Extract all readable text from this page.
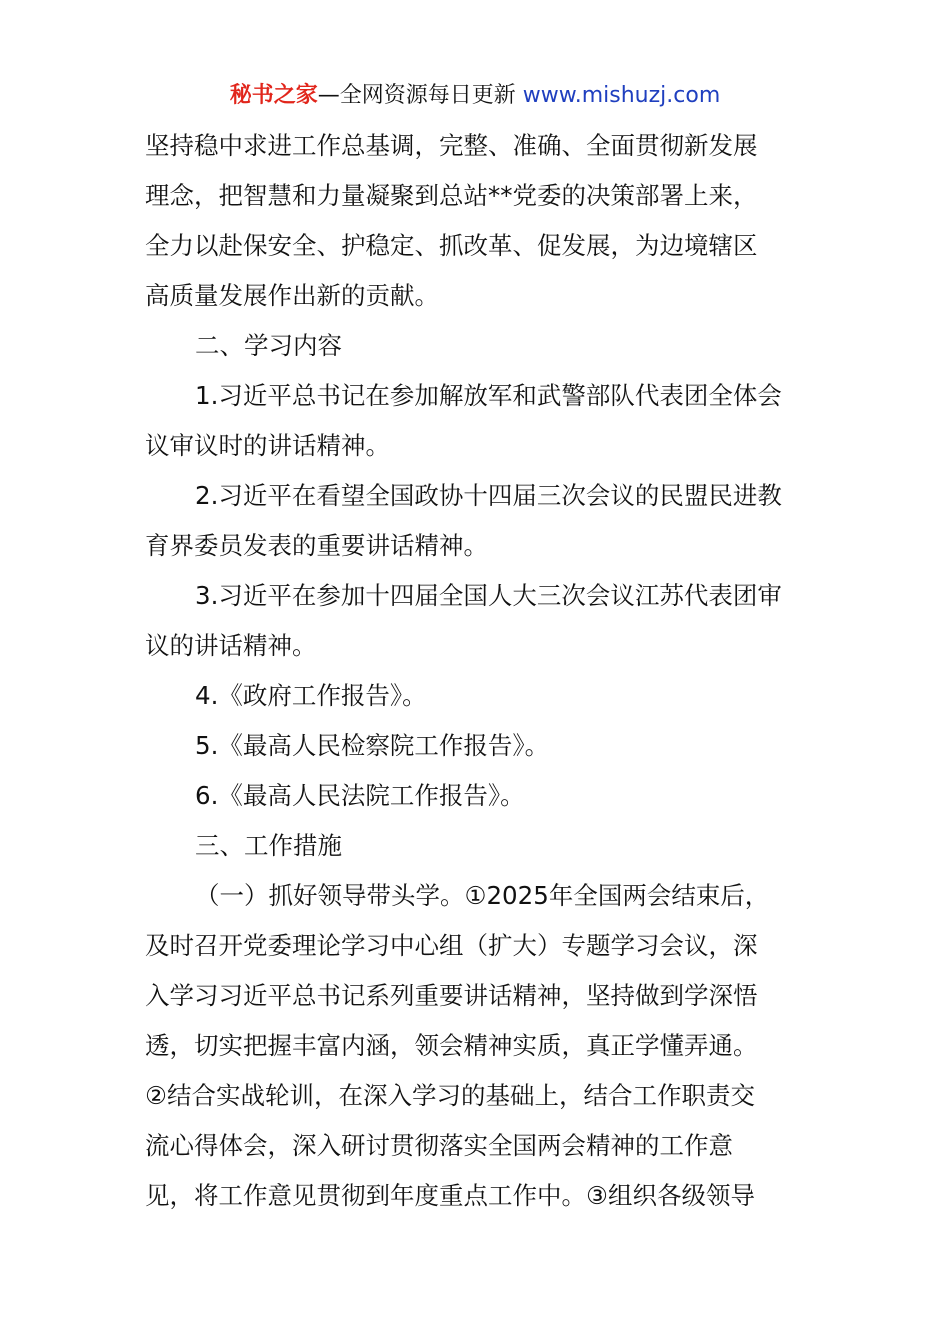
秘书之家—全网资源每日更新 www.mishuzj.com
坚持稳中求进工作总基调，完整、准确、全面贯彻新发展
理念，把智慧和力量凝聚到总站**党委的决策部署上来，
全力以赴保安全、护稳定、抓改革、促发展，为边境辖区
高质量发展作出新的贡献。
二、学习内容
1.习近平总书记在参加解放军和武警部队代表团全体会
议审议时的讲话精神。
2.习近平在看望全国政协十四届三次会议的民盟民进教
育界委员发表的重要讲话精神。
3.习近平在参加十四届全国人大三次会议江苏代表团审
议的讲话精神。
4.《政府工作报告》。
5.《最高人民检察院工作报告》。
6.《最高人民法院工作报告》。
三、工作措施
（一）抓好领导带头学。①2025年全国两会结束后，
及时召开党委理论学习中心组（扩大）专题学习会议，深
入学习习近平总书记系列重要讲话精神，坚持做到学深悟
透，切实把握丰富内涵，领会精神实质，真正学懂弄通。
②结合实战轮训，在深入学习的基础上，结合工作职责交
流心得体会，深入研讨贯彻落实全国两会精神的工作意
见，将工作意见贯彻到年度重点工作中。③组织各级领导
